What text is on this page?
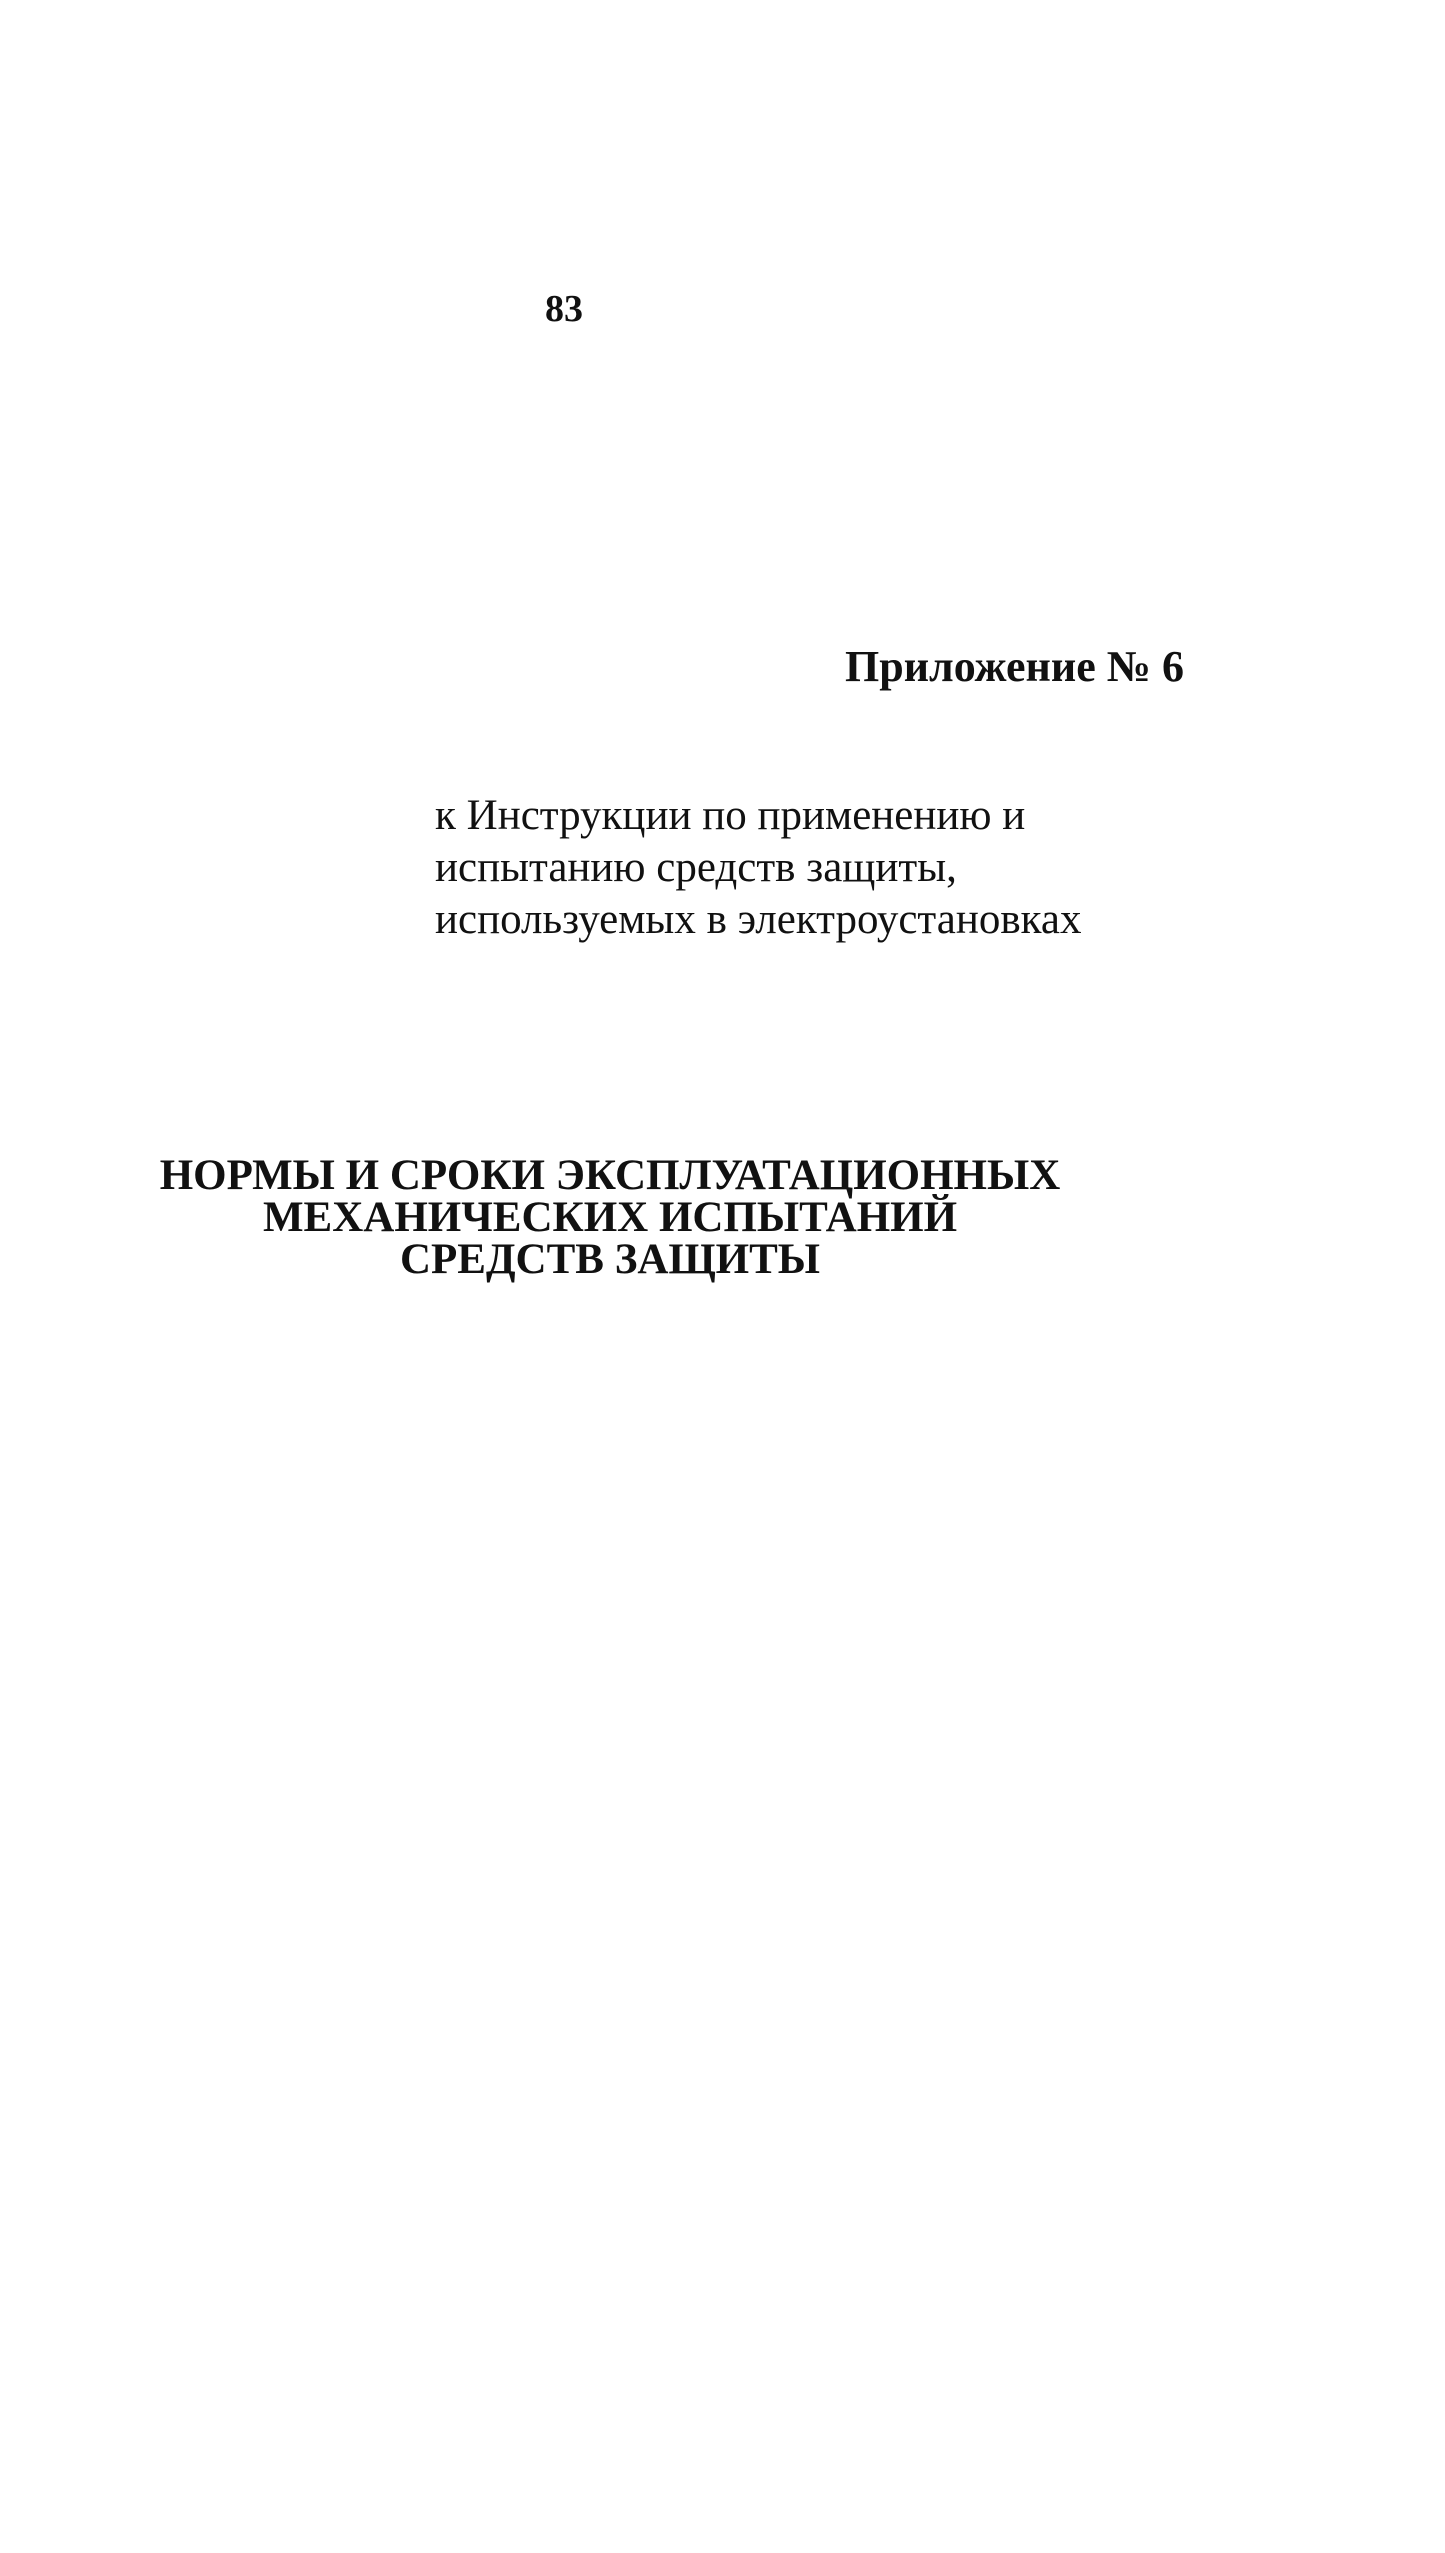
83
Приложение № 6
к Инструкции по применению и
испытанию средств защиты,
используемых в электроустановках
НОРМЫ И СРОКИ ЭКСПЛУАТАЦИОННЫХ
МЕХАНИЧЕСКИХ ИСПЫТАНИЙ
СРЕДСТВ ЗАЩИТЫ
